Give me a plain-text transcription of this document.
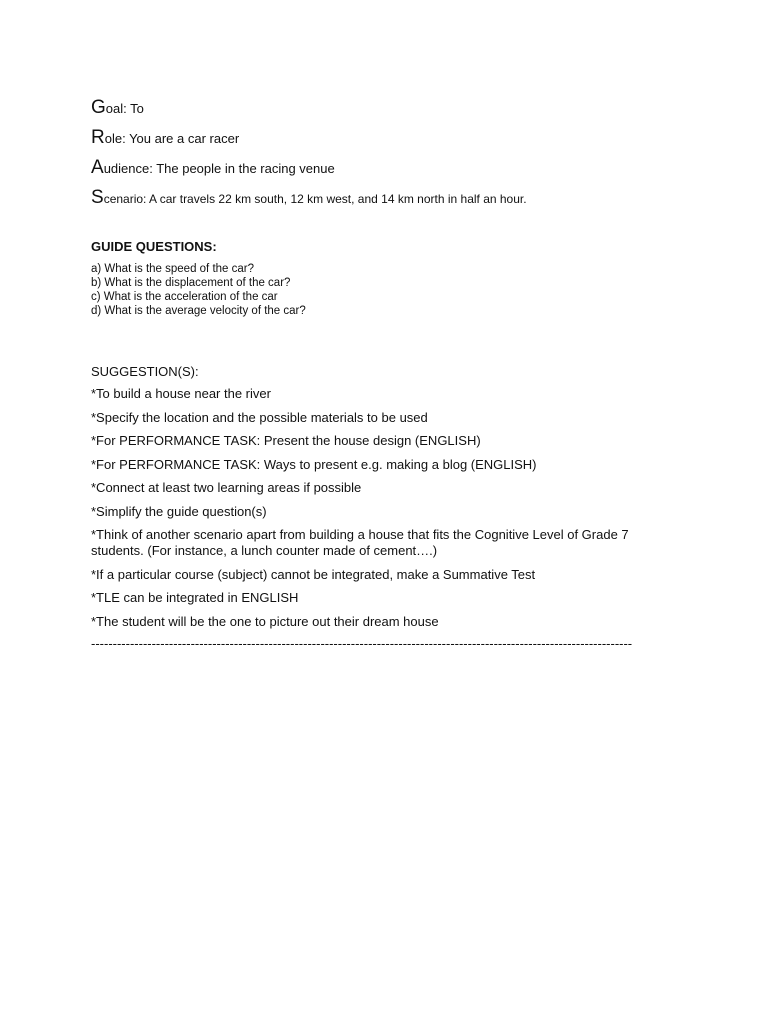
Goal: To
Role: You are a car racer
Audience: The people in the racing venue
Scenario: A car travels 22 km south, 12 km west, and 14 km north in half an hour.
GUIDE QUESTIONS:
a) What is the speed of the car?
b) What is the displacement of the car?
c) What is the acceleration of the car
d) What is the average velocity of the car?
SUGGESTION(S):
*To build a house near the river
*Specify the location and the possible materials to be used
*For PERFORMANCE TASK: Present the house design (ENGLISH)
*For PERFORMANCE TASK: Ways to present e.g. making a blog (ENGLISH)
*Connect at least two learning areas if possible
*Simplify the guide question(s)
*Think of another scenario apart from building a house that fits the Cognitive Level of Grade 7 students. (For instance, a lunch counter made of cement….)
*If a particular course (subject) cannot be integrated, make a Summative Test
*TLE can be integrated in ENGLISH
*The student will be the one to picture out their dream house
-----------------------------------------------------------------------------------------------------------------------------
